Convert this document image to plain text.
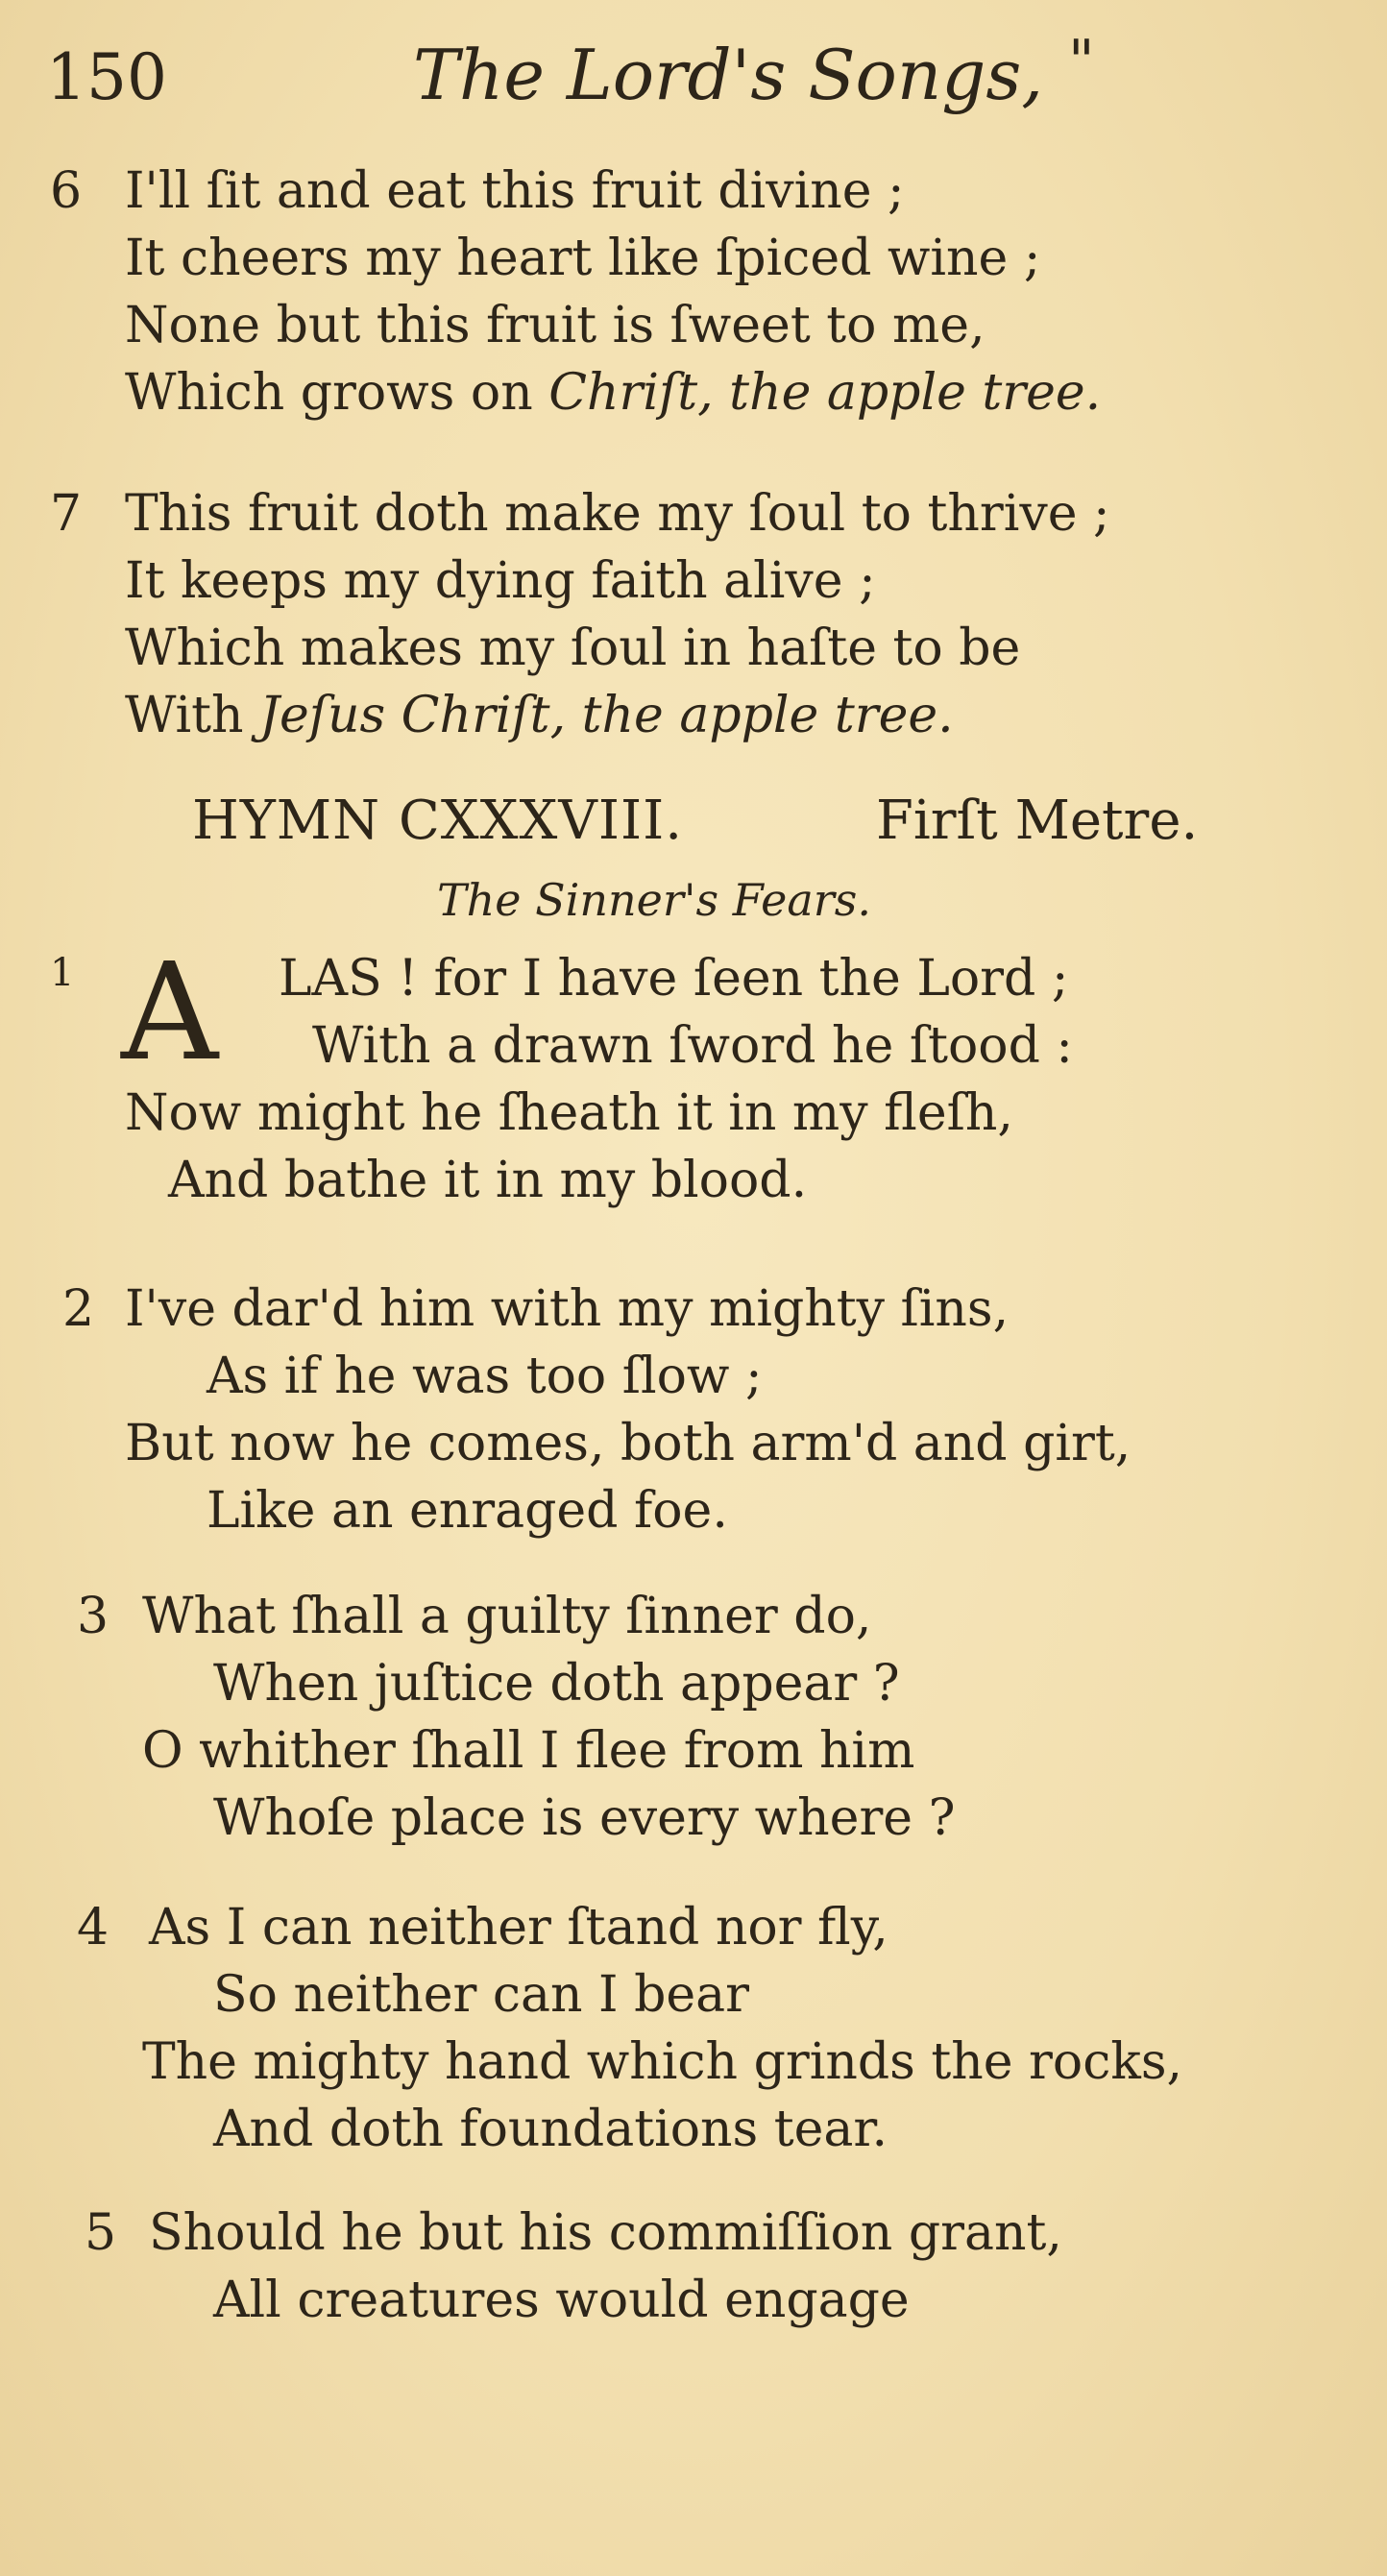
150	The Lord's Songs, "
6 I'll ſit and eat this fruit divine ;
It cheers my heart like ſpiced wine ;
None but this fruit is ſweet to me,
Which grows on Chriſt, the apple tree.
7 This fruit doth make my ſoul to thrive ;
It keeps my dying faith alive ;
Which makes my ſoul in haſte to be
With Jeſus Chriſt, the apple tree.
HYMN CXXXVIII.	Firſt Metre.
The Sinner's Fears.
1 A LAS ! for I have ſeen the Lord ;
With a drawn ſword he ſtood :
Now might he ſheath it in my fleſh,
And bathe it in my blood.
2 I've dar'd him with my mighty ſins,
As if he was too ſlow ;
But now he comes, both arm'd and girt,
Like an enraged foe.
3 What ſhall a guilty ſinner do,
When juſtice doth appear ?
O whither ſhall I flee from him
Whoſe place is every where ?
4 As I can neither ſtand nor fly,
So neither can I bear
The mighty hand which grinds the rocks,
And doth foundations tear.
5 Should he but his commiſſion grant,
All creatures would engage
